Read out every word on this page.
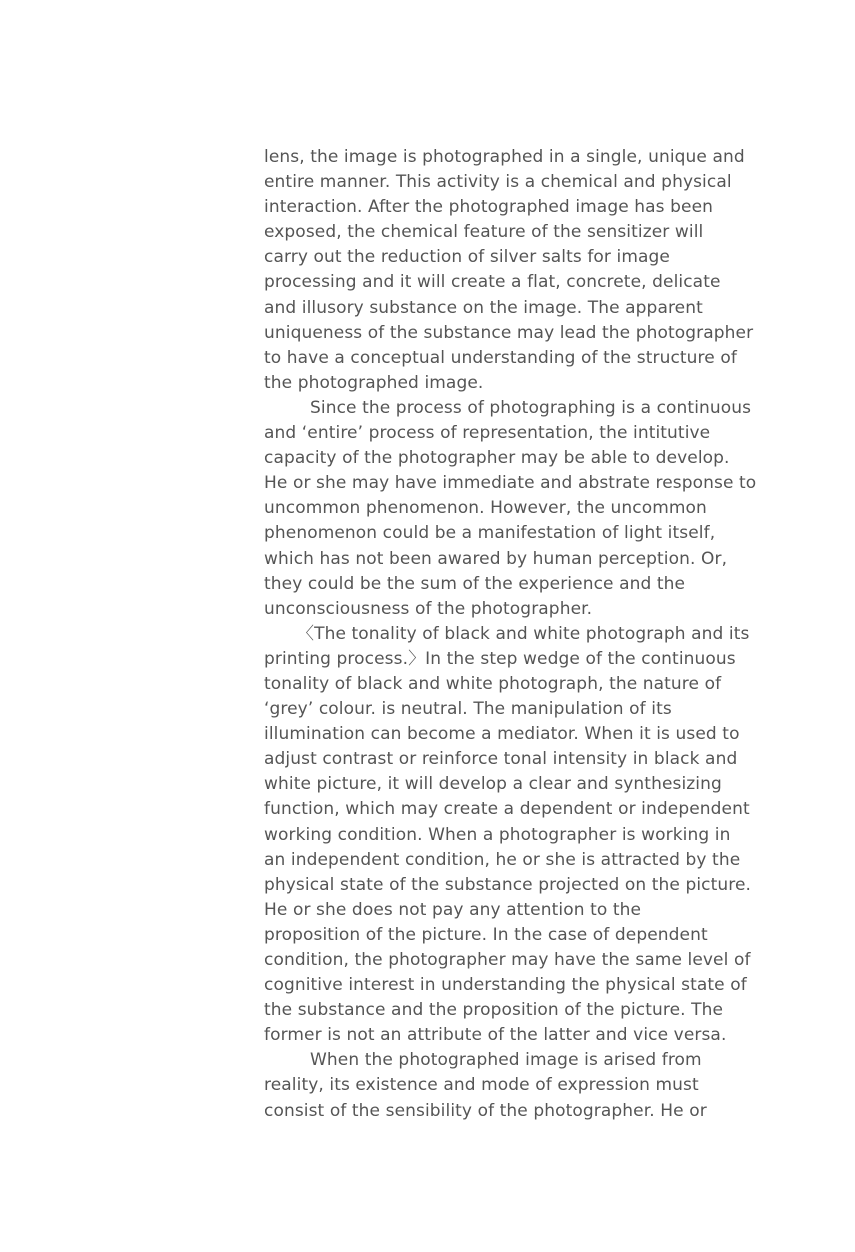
lens, the image is photographed in a single, unique and
entire manner. This activity is a chemical and physical
interaction. After the photographed image has been
exposed, the chemical feature of the sensitizer will
carry out the reduction of silver salts for image
processing and it will create a flat, concrete, delicate
and illusory substance on the image. The apparent
uniqueness of the substance may lead the photographer
to have a conceptual understanding of the structure of
the photographed image.
Since the process of photographing is a continuous
and ‘entire’ process of representation, the intitutive
capacity of the photographer may be able to develop.
He or she may have immediate and abstrate response to
uncommon phenomenon. However, the uncommon
phenomenon could be a manifestation of light itself,
which has not been awared by human perception. Or,
they could be the sum of the experience and the
unconsciousness of the photographer.
〈The tonality of black and white photograph and its
printing process.〉In the step wedge of the continuous
tonality of black and white photograph, the nature of
‘grey’ colour. is neutral. The manipulation of its
illumination can become a mediator. When it is used to
adjust contrast or reinforce tonal intensity in black and
white picture, it will develop a clear and synthesizing
function, which may create a dependent or independent
working condition. When a photographer is working in
an independent condition, he or she is attracted by the
physical state of the substance projected on the picture.
He or she does not pay any attention to the
proposition of the picture. In the case of dependent
condition, the photographer may have the same level of
cognitive interest in understanding the physical state of
the substance and the proposition of the picture. The
former is not an attribute of the latter and vice versa.
When the photographed image is arised from
reality, its existence and mode of expression must
consist of the sensibility of the photographer. He or
